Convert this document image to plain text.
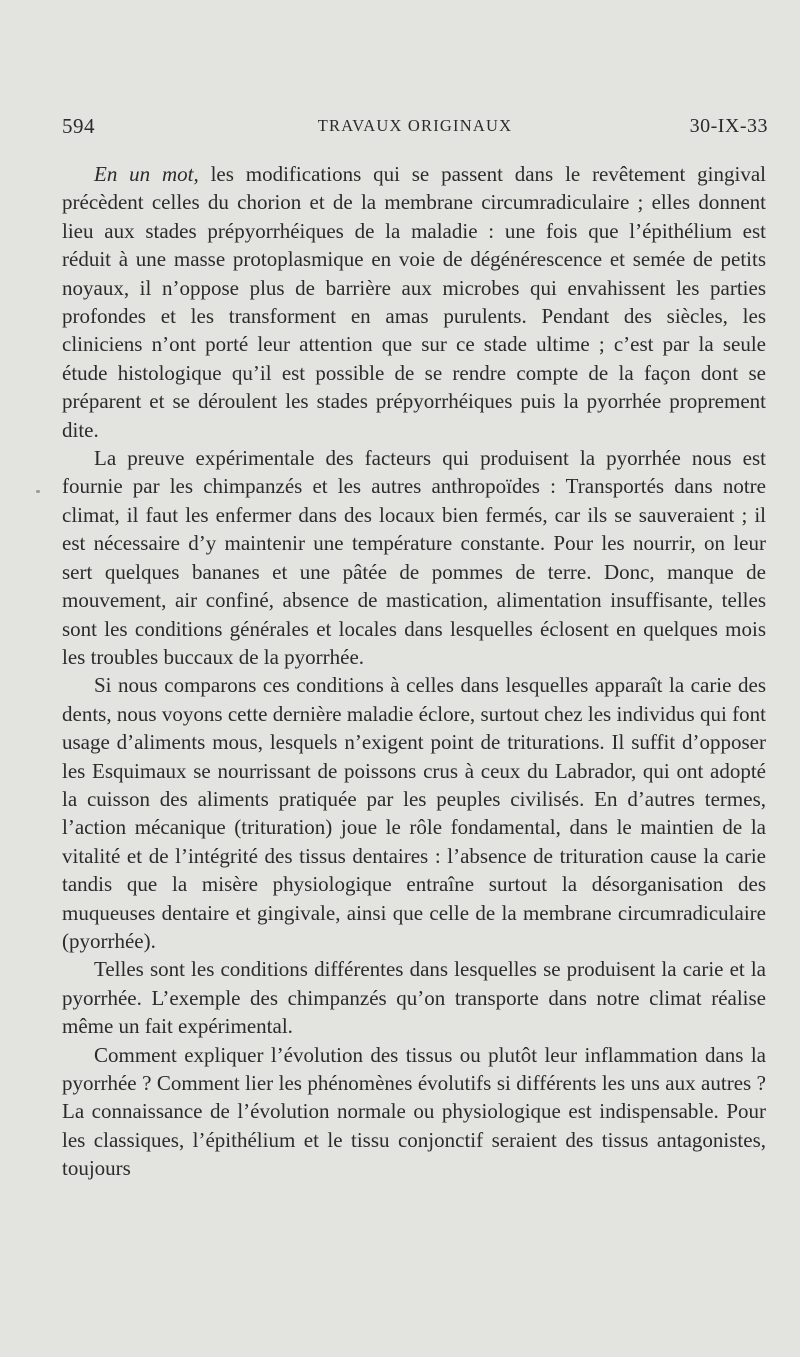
594	TRAVAUX ORIGINAUX	30-IX-33

En un mot, les modifications qui se passent dans le revêtement gingival précèdent celles du chorion et de la membrane circumradiculaire ; elles donnent lieu aux stades prépyorrhéiques de la maladie : une fois que l’épithélium est réduit à une masse protoplasmique en voie de dégénérescence et semée de petits noyaux, il n’oppose plus de barrière aux microbes qui envahissent les parties profondes et les transforment en amas purulents. Pendant des siècles, les cliniciens n’ont porté leur attention que sur ce stade ultime ; c’est par la seule étude histologique qu’il est possible de se rendre compte de la façon dont se préparent et se déroulent les stades prépyorrhéiques puis la pyorrhée proprement dite.

La preuve expérimentale des facteurs qui produisent la pyorrhée nous est fournie par les chimpanzés et les autres anthropoïdes : Transportés dans notre climat, il faut les enfermer dans des locaux bien fermés, car ils se sauveraient ; il est nécessaire d’y maintenir une température constante. Pour les nourrir, on leur sert quelques bananes et une pâtée de pommes de terre. Donc, manque de mouvement, air confiné, absence de mastication, alimentation insuffisante, telles sont les conditions générales et locales dans lesquelles éclosent en quelques mois les troubles buccaux de la pyorrhée.

Si nous comparons ces conditions à celles dans lesquelles apparaît la carie des dents, nous voyons cette dernière maladie éclore, surtout chez les individus qui font usage d’aliments mous, lesquels n’exigent point de triturations. Il suffit d’opposer les Esquimaux se nourrissant de poissons crus à ceux du Labrador, qui ont adopté la cuisson des aliments pratiquée par les peuples civilisés. En d’autres termes, l’action mécanique (trituration) joue le rôle fondamental, dans le maintien de la vitalité et de l’intégrité des tissus dentaires : l’absence de trituration cause la carie tandis que la misère physiologique entraîne surtout la désorganisation des muqueuses dentaire et gingivale, ainsi que celle de la membrane circumradiculaire (pyorrhée).

Telles sont les conditions différentes dans lesquelles se produisent la carie et la pyorrhée. L’exemple des chimpanzés qu’on transporte dans notre climat réalise même un fait expérimental.

Comment expliquer l’évolution des tissus ou plutôt leur inflammation dans la pyorrhée ? Comment lier les phénomènes évolutifs si différents les uns aux autres ? La connaissance de l’évolution normale ou physiologique est indispensable. Pour les classiques, l’épithélium et le tissu conjonctif seraient des tissus antagonistes, toujours
